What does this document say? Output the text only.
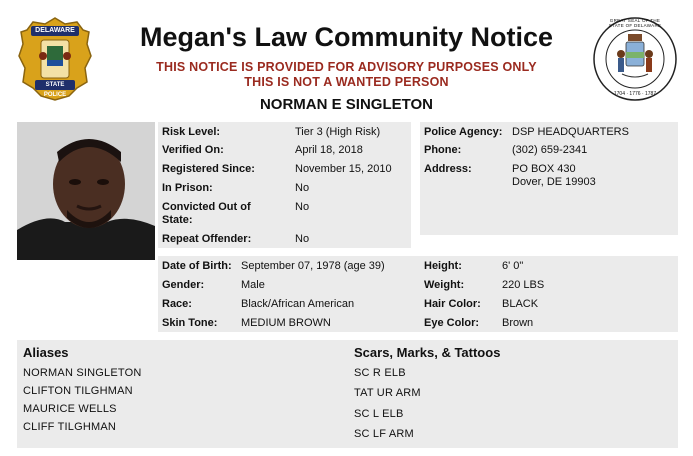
DELAWARE
STATE POLICE
Megan's Law Community Notice
THIS NOTICE IS PROVIDED FOR ADVISORY PURPOSES ONLY
THIS IS NOT A WANTED PERSON
NORMAN E SINGLETON
GREAT SEAL OF THE STATE OF DELAWARE
1704 · 1776 · 1787
Risk Level:	Tier 3 (High Risk)
Verified On:	April 18, 2018
Registered Since:	November 15, 2010
In Prison:	No
Convicted Out of
State:
No
Repeat Offender:	No
Police Agency: DSP HEADQUARTERS
Phone:	(302) 659-2341
Address:	PO BOX 430
Dover, DE 19903
Date of Birth: September 07, 1978 (age 39)
Gender:	Male
Race:	Black/African American
Skin Tone: MEDIUM BROWN
Height:	6' 0"
Weight:	220 LBS
Hair Color: BLACK
Eye Color: Brown
Aliases
NORMAN SINGLETON
CLIFTON TILGHMAN
MAURICE WELLS
CLIFF TILGHMAN
Scars, Marks, & Tattoos
SC R ELB
TAT UR ARM
SC L ELB
SC LF ARM
